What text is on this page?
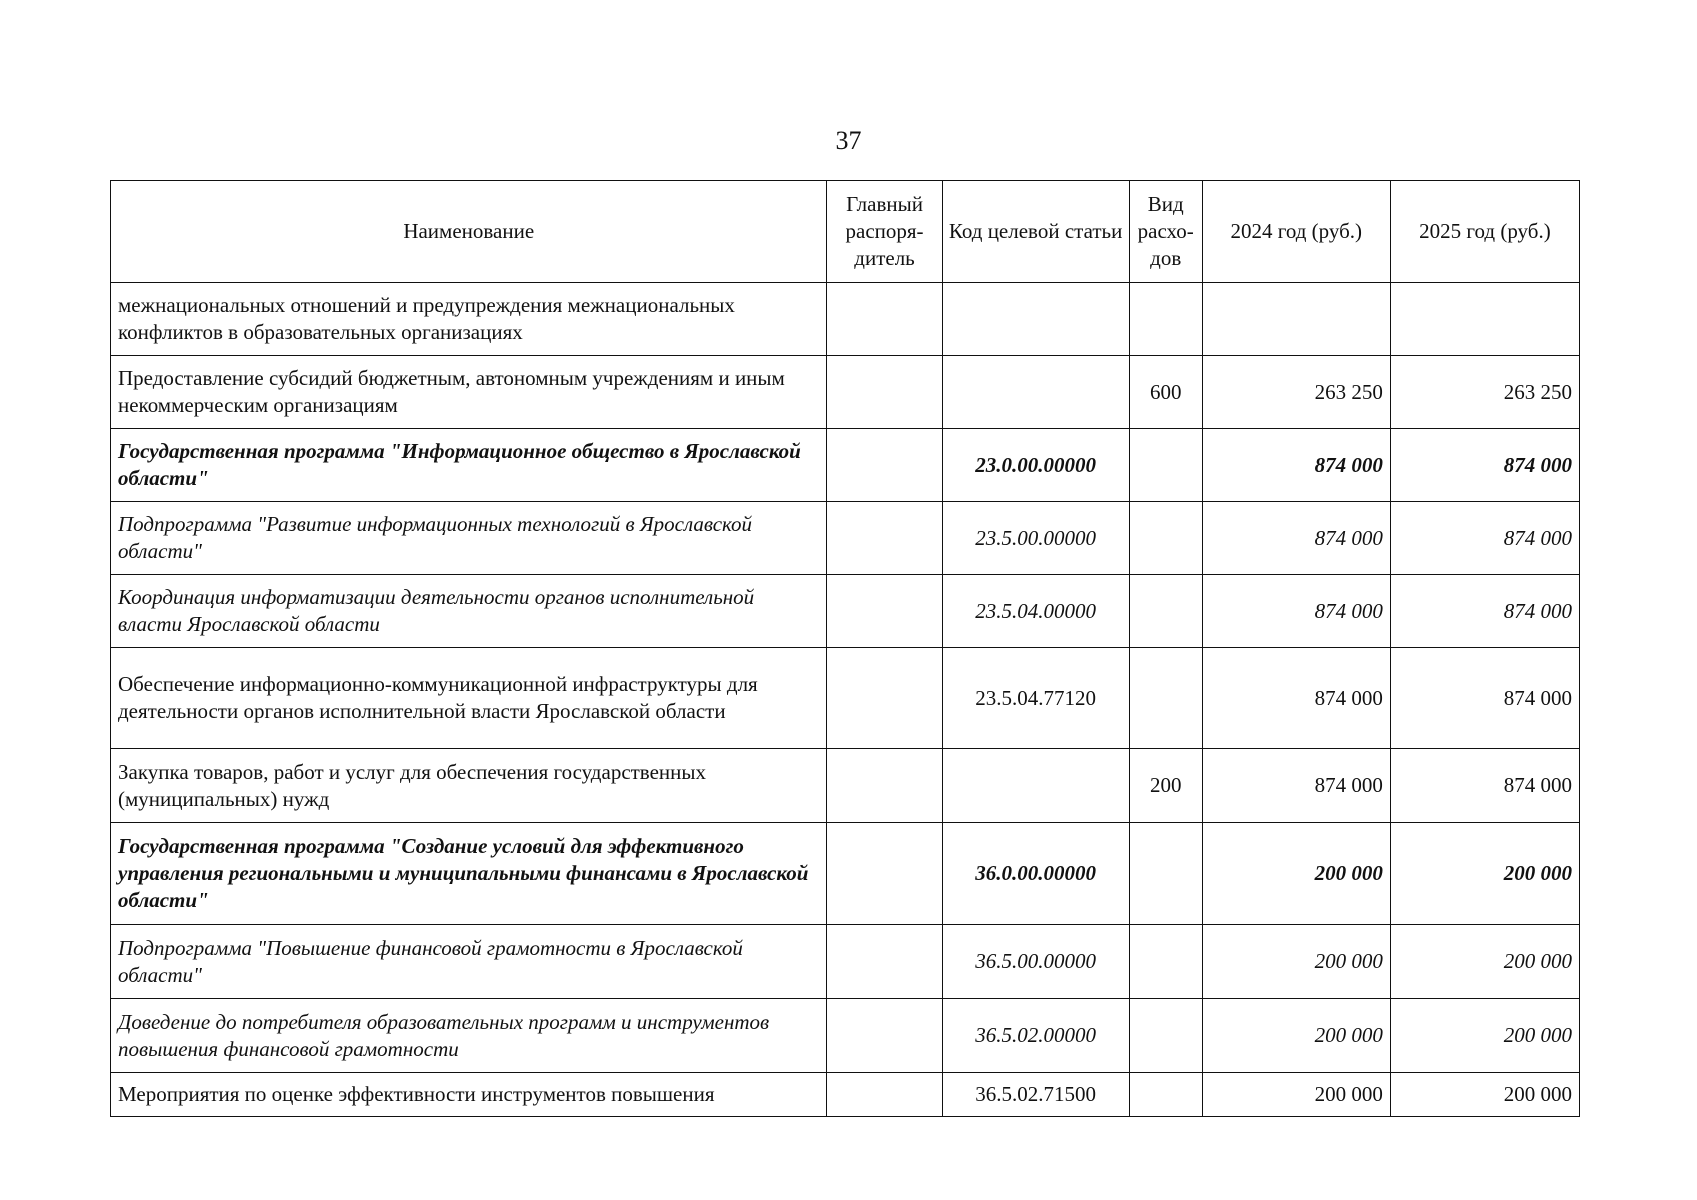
37
Наименование	Главный распоря-дитель	Код целевой статьи	Вид расхо-дов	2024 год (руб.)	2025 год (руб.)
межнациональных отношений и предупреждения межнациональных конфликтов в образовательных организациях					
Предоставление субсидий бюджетным, автономным учреждениям и иным некоммерческим организациям			600	263 250	263 250
Государственная программа "Информационное общество в Ярославской области"		23.0.00.00000		874 000	874 000
Подпрограмма "Развитие информационных технологий в Ярославской области"		23.5.00.00000		874 000	874 000
Координация информатизации деятельности органов исполнительной власти Ярославской области		23.5.04.00000		874 000	874 000
Обеспечение информационно-коммуникационной инфраструктуры для деятельности органов исполнительной власти Ярославской области		23.5.04.77120		874 000	874 000
Закупка товаров, работ и услуг для обеспечения государственных (муниципальных) нужд			200	874 000	874 000
Государственная программа "Создание условий для эффективного управления региональными и муниципальными финансами в Ярославской области"		36.0.00.00000		200 000	200 000
Подпрограмма "Повышение финансовой грамотности в Ярославской области"		36.5.00.00000		200 000	200 000
Доведение до потребителя образовательных программ и инструментов повышения финансовой грамотности		36.5.02.00000		200 000	200 000
Мероприятия по оценке эффективности инструментов повышения		36.5.02.71500		200 000	200 000
